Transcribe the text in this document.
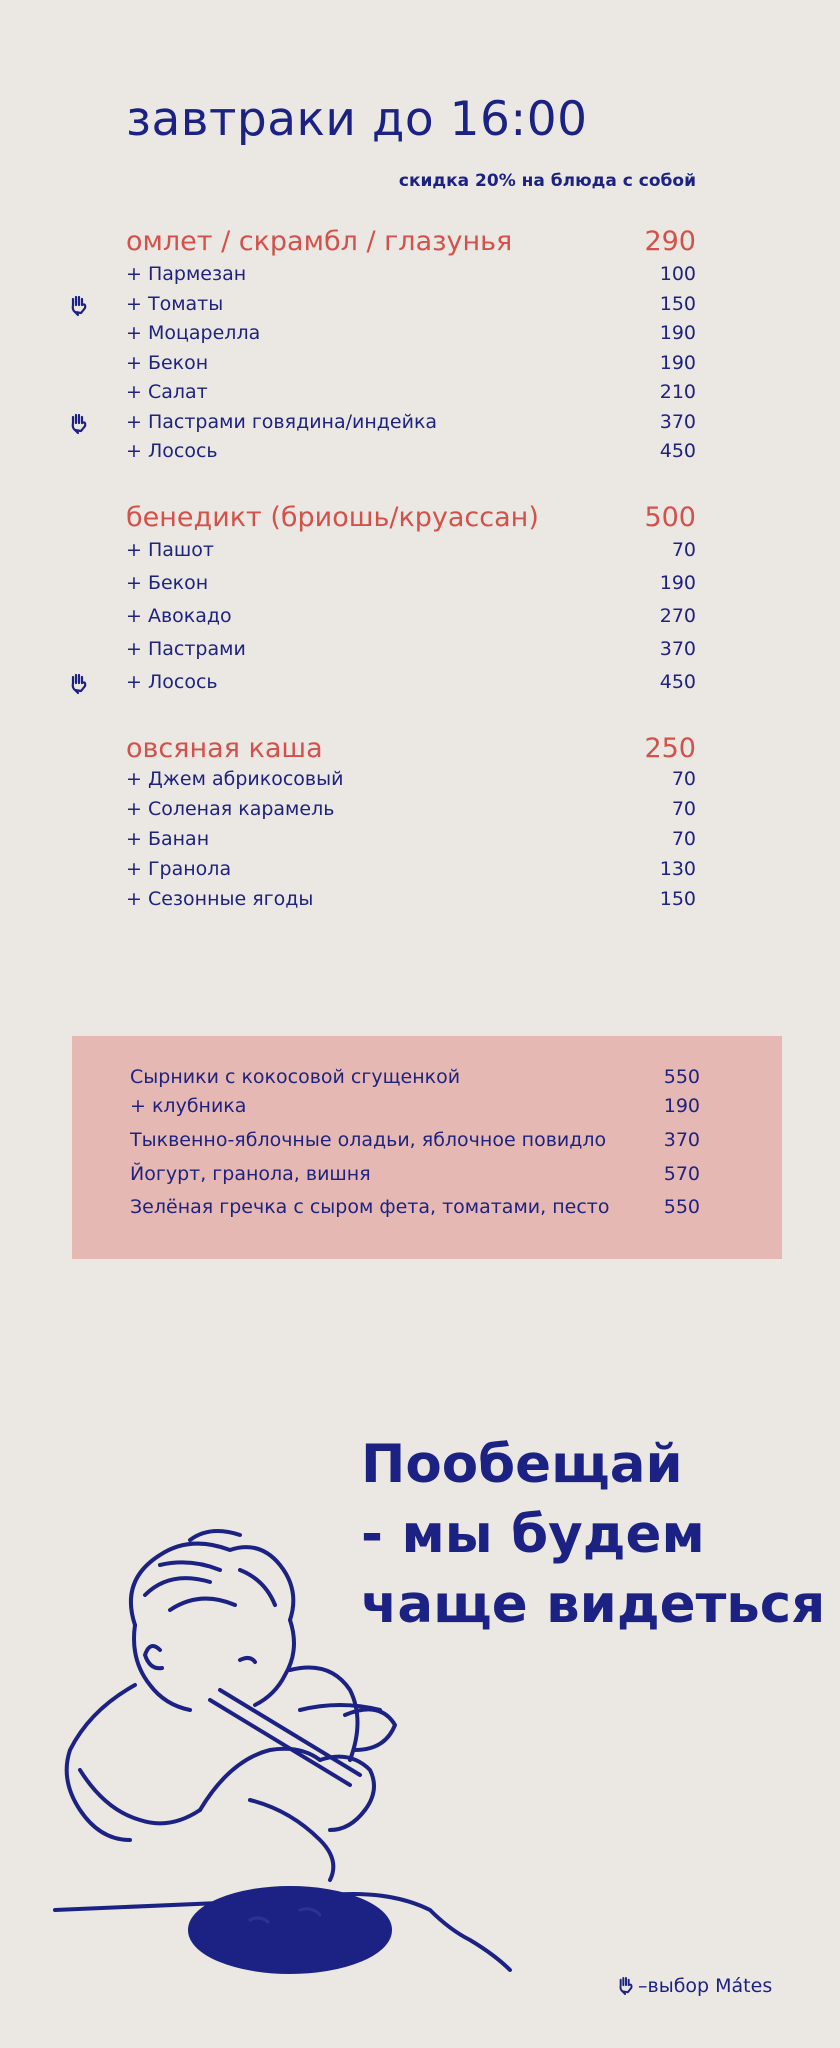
завтраки до 16:00
скидка 20% на блюда с собой
омлет / скрамбл / глазунья	290
+ Пармезан	100
+ Томаты	150
+ Моцарелла	190
+ Бекон	190
+ Салат	210
+ Пастрами говядина/индейка	370
+ Лосось	450
бенедикт (бриошь/круассан)	500
+ Пашот	70
+ Бекон	190
+ Авокадо	270
+ Пастрами	370
+ Лосось	450
овсяная каша	250
+ Джем абрикосовый	70
+ Соленая карамель	70
+ Банан	70
+ Гранола	130
+ Сезонные ягоды	150
Сырники с кокосовой сгущенкой	550
+ клубника	190
Тыквенно-яблочные оладьи, яблочное повидло	370
Йогурт, гранола, вишня	570
Зелёная гречка с сыром фета, томатами, песто	550
Пообещай
- мы будем
чаще видеться
–выбор Mátes
